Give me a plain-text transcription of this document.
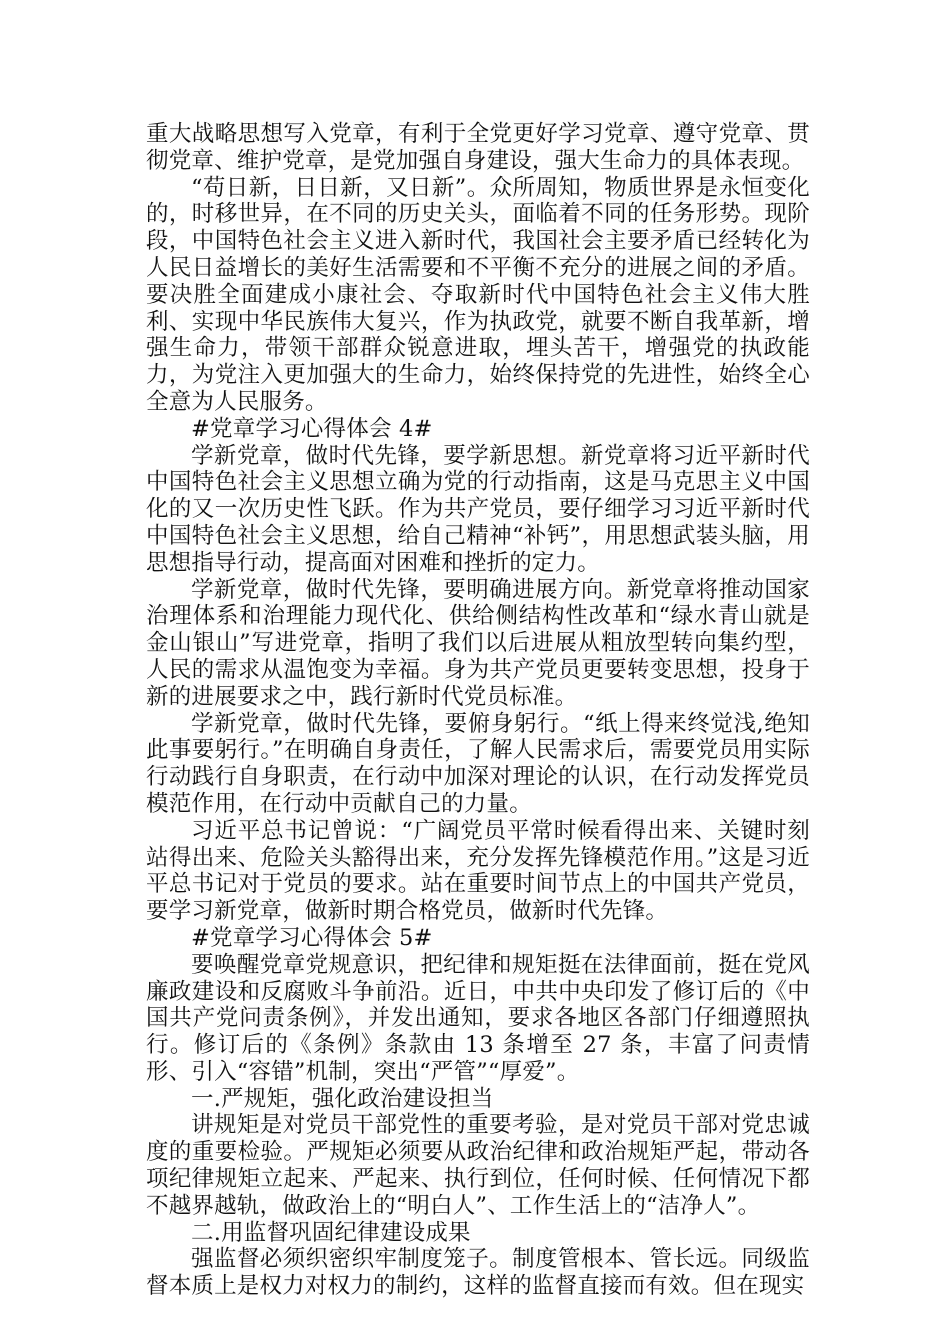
重大战略思想写入党章，有利于全党更好学习党章、遵守党章、贯彻党章、维护党章，是党加强自身建设，强大生命力的具体表现。

“苟日新，日日新，又日新”。众所周知，物质世界是永恒变化的，时移世异，在不同的历史关头，面临着不同的任务形势。现阶段，中国特色社会主义进入新时代，我国社会主要矛盾已经转化为人民日益增长的美好生活需要和不平衡不充分的进展之间的矛盾。要决胜全面建成小康社会、夺取新时代中国特色社会主义伟大胜利、实现中华民族伟大复兴，作为执政党，就要不断自我革新，增强生命力，带领干部群众锐意进取，埋头苦干，增强党的执政能力，为党注入更加强大的生命力，始终保持党的先进性，始终全心全意为人民服务。

#党章学习心得体会 4#

学新党章，做时代先锋，要学新思想。新党章将习近平新时代中国特色社会主义思想立确为党的行动指南，这是马克思主义中国化的又一次历史性飞跃。作为共产党员，要仔细学习习近平新时代中国特色社会主义思想，给自己精神“补钙”，用思想武装头脑，用思想指导行动，提高面对困难和挫折的定力。

学新党章，做时代先锋，要明确进展方向。新党章将推动国家治理体系和治理能力现代化、供给侧结构性改革和“绿水青山就是金山银山”写进党章，指明了我们以后进展从粗放型转向集约型，人民的需求从温饱变为幸福。身为共产党员更要转变思想，投身于新的进展要求之中，践行新时代党员标准。

学新党章，做时代先锋，要俯身躬行。“纸上得来终觉浅,绝知此事要躬行。”在明确自身责任，了解人民需求后，需要党员用实际行动践行自身职责，在行动中加深对理论的认识，在行动发挥党员模范作用，在行动中贡献自己的力量。

习近平总书记曾说：“广阔党员平常时候看得出来、关键时刻站得出来、危险关头豁得出来，充分发挥先锋模范作用。”这是习近平总书记对于党员的要求。站在重要时间节点上的中国共产党员，要学习新党章，做新时期合格党员，做新时代先锋。

#党章学习心得体会 5#

要唤醒党章党规意识，把纪律和规矩挺在法律面前，挺在党风廉政建设和反腐败斗争前沿。近日，中共中央印发了修订后的《中国共产党问责条例》，并发出通知，要求各地区各部门仔细遵照执行。修订后的《条例》条款由 13 条增至 27 条，丰富了问责情形、引入“容错”机制，突出“严管”“厚爱”。

一.严规矩，强化政治建设担当

讲规矩是对党员干部党性的重要考验，是对党员干部对党忠诚度的重要检验。严规矩必须要从政治纪律和政治规矩严起，带动各项纪律规矩立起来、严起来、执行到位，任何时候、任何情况下都不越界越轨，做政治上的“明白人”、工作生活上的“洁净人”。

二.用监督巩固纪律建设成果

强监督必须织密织牢制度笼子。制度管根本、管长远。同级监督本质上是权力对权力的制约，这样的监督直接而有效。但在现实
